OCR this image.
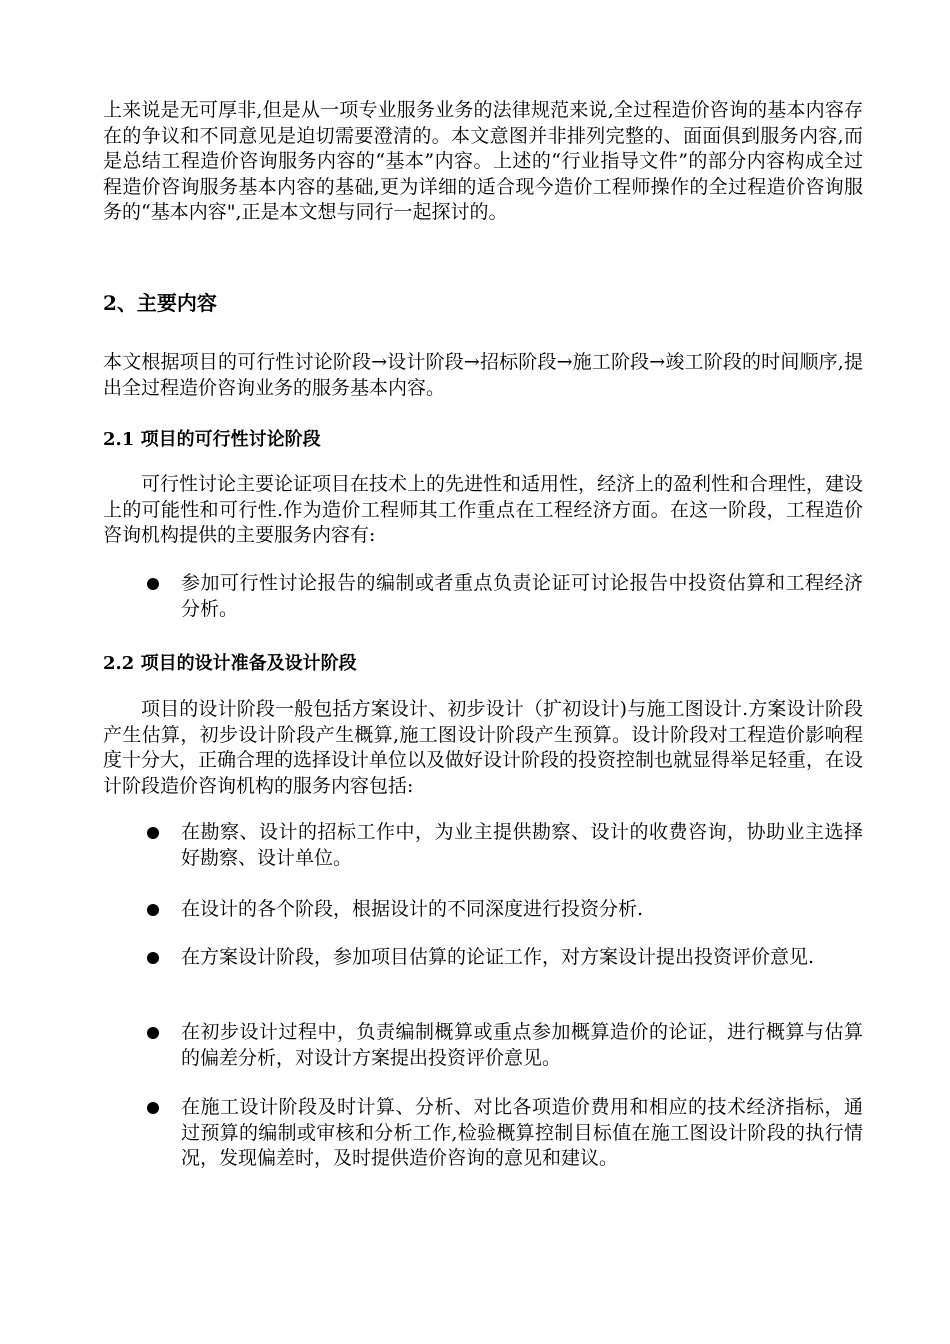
上来说是无可厚非,但是从一项专业服务业务的法律规范来说,全过程造价咨询的基本内容存在的争议和不同意见是迫切需要澄清的。本文意图并非排列完整的、面面俱到服务内容,而是总结工程造价咨询服务内容的“基本”内容。上述的“行业指导文件”的部分内容构成全过程造价咨询服务基本内容的基础,更为详细的适合现今造价工程师操作的全过程造价咨询服务的“基本内容",正是本文想与同行一起探讨的。

2、主要内容

本文根据项目的可行性讨论阶段→设计阶段→招标阶段→施工阶段→竣工阶段的时间顺序,提出全过程造价咨询业务的服务基本内容。

2.1 项目的可行性讨论阶段

可行性讨论主要论证项目在技术上的先进性和适用性，经济上的盈利性和合理性，建设上的可能性和可行性.作为造价工程师其工作重点在工程经济方面。在这一阶段，工程造价咨询机构提供的主要服务内容有:

参加可行性讨论报告的编制或者重点负责论证可讨论报告中投资估算和工程经济分析。
2.2 项目的设计准备及设计阶段

项目的设计阶段一般包括方案设计、初步设计（扩初设计)与施工图设计.方案设计阶段产生估算，初步设计阶段产生概算,施工图设计阶段产生预算。设计阶段对工程造价影响程度十分大，正确合理的选择设计单位以及做好设计阶段的投资控制也就显得举足轻重，在设计阶段造价咨询机构的服务内容包括:

在勘察、设计的招标工作中，为业主提供勘察、设计的收费咨询，协助业主选择好勘察、设计单位。
在设计的各个阶段，根据设计的不同深度进行投资分析.
在方案设计阶段，参加项目估算的论证工作，对方案设计提出投资评价意见.
在初步设计过程中，负责编制概算或重点参加概算造价的论证，进行概算与估算的偏差分析，对设计方案提出投资评价意见。
在施工设计阶段及时计算、分析、对比各项造价费用和相应的技术经济指标，通过预算的编制或审核和分析工作,检验概算控制目标值在施工图设计阶段的执行情况，发现偏差时，及时提供造价咨询的意见和建议。
